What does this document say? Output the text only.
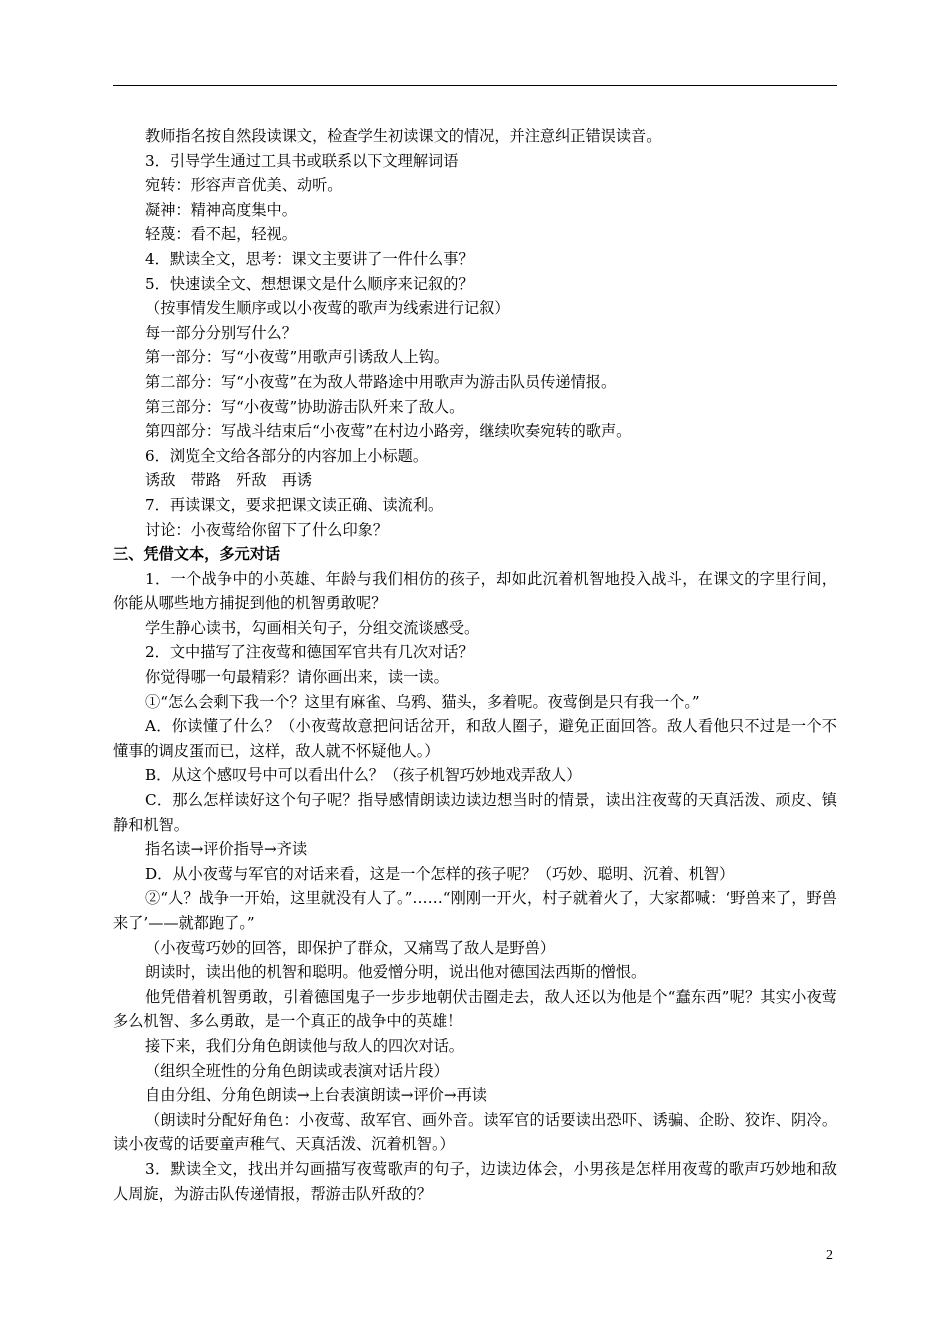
教师指名按自然段读课文，检查学生初读课文的情况，并注意纠正错误读音。

3．引导学生通过工具书或联系以下文理解词语

宛转：形容声音优美、动听。

凝神：精神高度集中。

轻蔑：看不起，轻视。

4．默读全文，思考：课文主要讲了一件什么事？

5．快速读全文、想想课文是什么顺序来记叙的？

（按事情发生顺序或以小夜莺的歌声为线索进行记叙）

每一部分分别写什么？

第一部分：写“小夜莺”用歌声引诱敌人上钩。

第二部分：写“小夜莺”在为敌人带路途中用歌声为游击队员传递情报。

第三部分：写“小夜莺”协助游击队歼来了敌人。

第四部分：写战斗结束后“小夜莺”在村边小路旁，继续吹奏宛转的歌声。

6．浏览全文给各部分的内容加上小标题。

诱敌　带路　歼敌　再诱

7．再读课文，要求把课文读正确、读流利。

讨论：小夜莺给你留下了什么印象？

三、凭借文本，多元对话

1．一个战争中的小英雄、年龄与我们相仿的孩子，却如此沉着机智地投入战斗，在课文的字里行间，你能从哪些地方捕捉到他的机智勇敢呢？

学生静心读书，勾画相关句子，分组交流谈感受。

2．文中描写了注夜莺和德国军官共有几次对话？

你觉得哪一句最精彩？请你画出来，读一读。

①“怎么会剩下我一个？这里有麻雀、乌鸦、猫头，多着呢。夜莺倒是只有我一个。”

A．你读懂了什么？（小夜莺故意把问话岔开，和敌人圈子，避免正面回答。敌人看他只不过是一个不懂事的调皮蛋而已，这样，敌人就不怀疑他人。）

B．从这个感叹号中可以看出什么？（孩子机智巧妙地戏弄敌人）

C．那么怎样读好这个句子呢？指导感情朗读边读边想当时的情景，读出注夜莺的天真活泼、顽皮、镇静和机智。

指名读→评价指导→齐读

D．从小夜莺与军官的对话来看，这是一个怎样的孩子呢？（巧妙、聪明、沉着、机智）

②“人？战争一开始，这里就没有人了。”……“刚刚一开火，村子就着火了，大家都喊：‘野兽来了，野兽来了’——就都跑了。”

（小夜莺巧妙的回答，即保护了群众，又痛骂了敌人是野兽）

朗读时，读出他的机智和聪明。他爱憎分明，说出他对德国法西斯的憎恨。

他凭借着机智勇敢，引着德国鬼子一步步地朝伏击圈走去，敌人还以为他是个“蠢东西”呢？其实小夜莺多么机智、多么勇敢，是一个真正的战争中的英雄！

接下来，我们分角色朗读他与敌人的四次对话。

（组织全班性的分角色朗读或表演对话片段）

自由分组、分角色朗读→上台表演朗读→评价→再读

（朗读时分配好角色：小夜莺、敌军官、画外音。读军官的话要读出恐吓、诱骗、企盼、狡诈、阴冷。读小夜莺的话要童声稚气、天真活泼、沉着机智。）

3．默读全文，找出并勾画描写夜莺歌声的句子，边读边体会，小男孩是怎样用夜莺的歌声巧妙地和敌人周旋，为游击队传递情报，帮游击队歼敌的？

2
